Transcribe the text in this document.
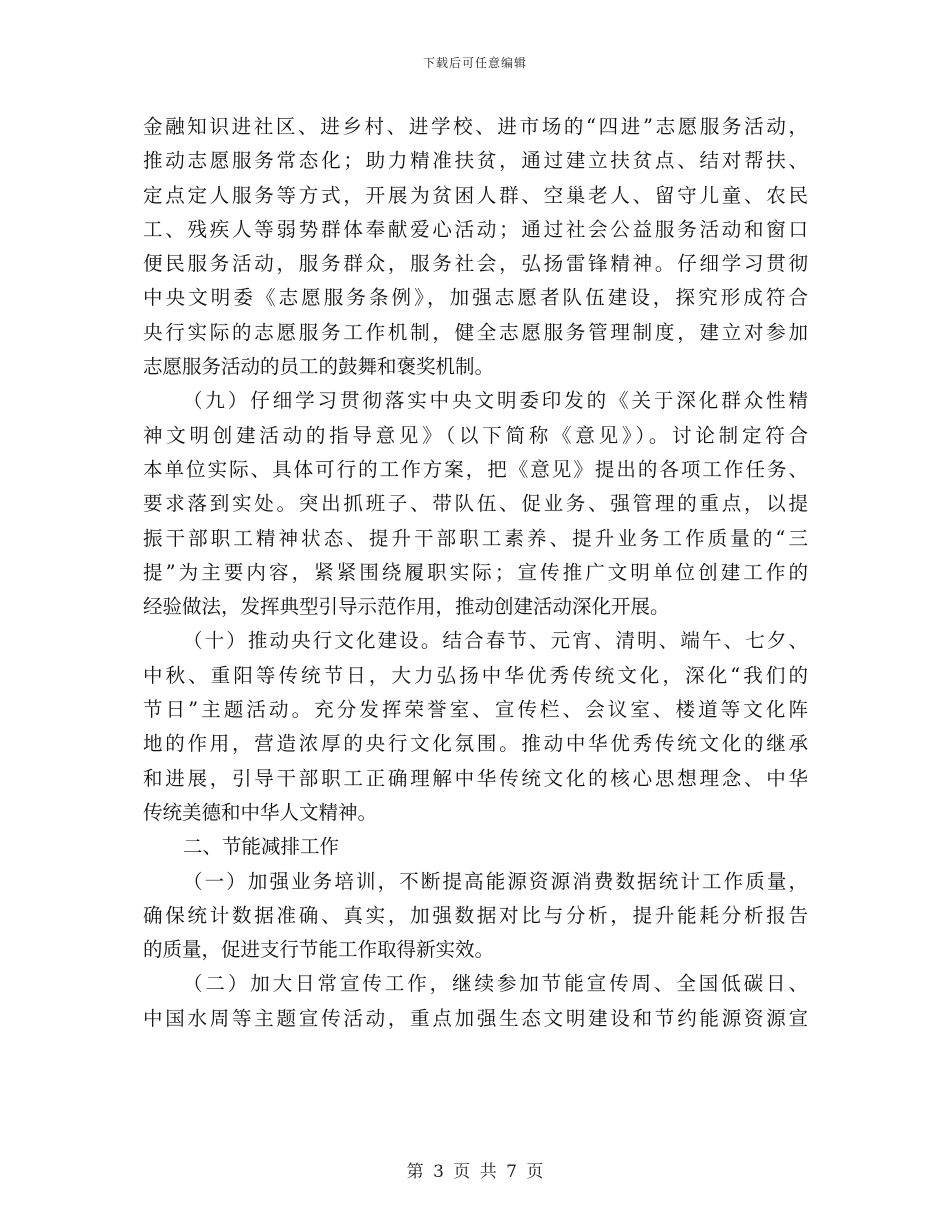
下载后可任意编辑
金融知识进社区、进乡村、进学校、进市场的“四进”志愿服务活动，
推动志愿服务常态化；助力精准扶贫，通过建立扶贫点、结对帮扶、
定点定人服务等方式，开展为贫困人群、空巢老人、留守儿童、农民
工、残疾人等弱势群体奉献爱心活动；通过社会公益服务活动和窗口
便民服务活动，服务群众，服务社会，弘扬雷锋精神。仔细学习贯彻
中央文明委《志愿服务条例》，加强志愿者队伍建设，探究形成符合
央行实际的志愿服务工作机制，健全志愿服务管理制度，建立对参加
志愿服务活动的员工的鼓舞和褒奖机制。
（九）仔细学习贯彻落实中央文明委印发的《关于深化群众性精
神文明创建活动的指导意见》（以下简称《意见》）。讨论制定符合
本单位实际、具体可行的工作方案，把《意见》提出的各项工作任务、
要求落到实处。突出抓班子、带队伍、促业务、强管理的重点，以提
振干部职工精神状态、提升干部职工素养、提升业务工作质量的“三
提”为主要内容，紧紧围绕履职实际；宣传推广文明单位创建工作的
经验做法，发挥典型引导示范作用，推动创建活动深化开展。
（十）推动央行文化建设。结合春节、元宵、清明、端午、七夕、
中秋、重阳等传统节日，大力弘扬中华优秀传统文化，深化“我们的
节日”主题活动。充分发挥荣誉室、宣传栏、会议室、楼道等文化阵
地的作用，营造浓厚的央行文化氛围。推动中华优秀传统文化的继承
和进展，引导干部职工正确理解中华传统文化的核心思想理念、中华
传统美德和中华人文精神。
二、节能减排工作
（一）加强业务培训，不断提高能源资源消费数据统计工作质量，
确保统计数据准确、真实，加强数据对比与分析，提升能耗分析报告
的质量，促进支行节能工作取得新实效。
（二）加大日常宣传工作，继续参加节能宣传周、全国低碳日、
中国水周等主题宣传活动，重点加强生态文明建设和节约能源资源宣
第 3 页 共 7 页
